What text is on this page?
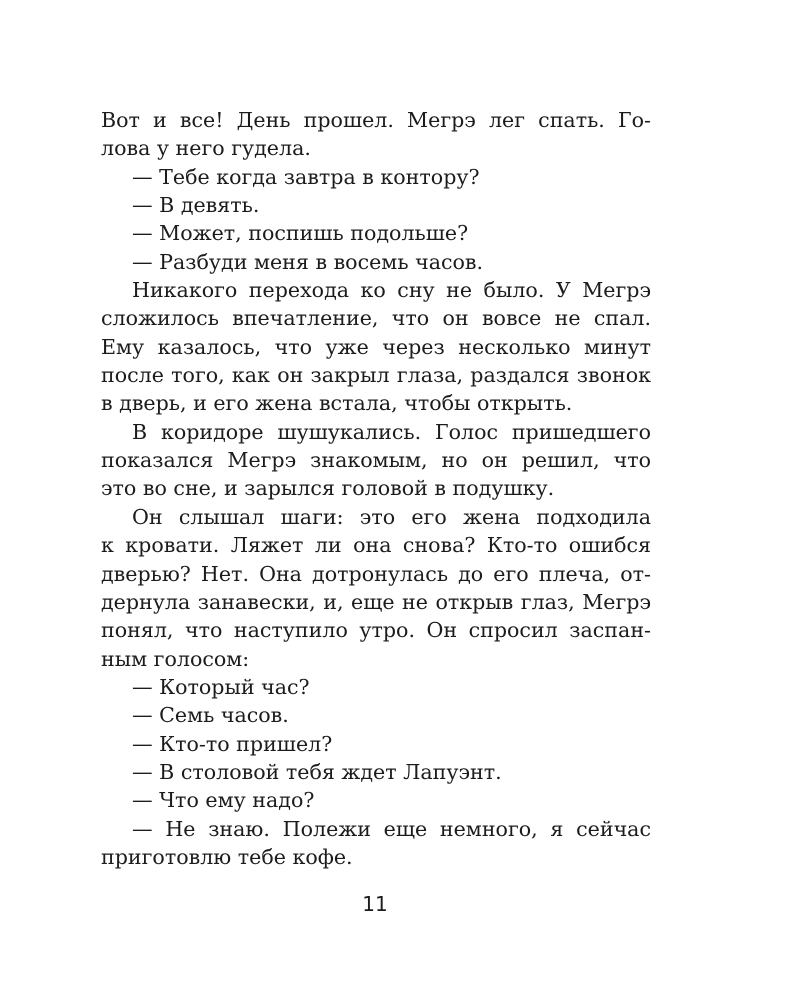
Вот и все! День прошел. Мегрэ лег спать. Го-
лова у него гудела.
— Тебе когда завтра в контору?
— В девять.
— Может, поспишь подольше?
— Разбуди меня в восемь часов.
Никакого перехода ко сну не было. У Мегрэ
сложилось впечатление, что он вовсе не спал.
Ему казалось, что уже через несколько минут
после того, как он закрыл глаза, раздался звонок
в дверь, и его жена встала, чтобы открыть.
В коридоре шушукались. Голос пришедшего
показался Мегрэ знакомым, но он решил, что
это во сне, и зарылся головой в подушку.
Он слышал шаги: это его жена подходила
к кровати. Ляжет ли она снова? Кто-то ошибся
дверью? Нет. Она дотронулась до его плеча, от-
дернула занавески, и, еще не открыв глаз, Мегрэ
понял, что наступило утро. Он спросил заспан-
ным голосом:
— Который час?
— Семь часов.
— Кто-то пришел?
— В столовой тебя ждет Лапуэнт.
— Что ему надо?
— Не знаю. Полежи еще немного, я сейчас
приготовлю тебе кофе.
11
